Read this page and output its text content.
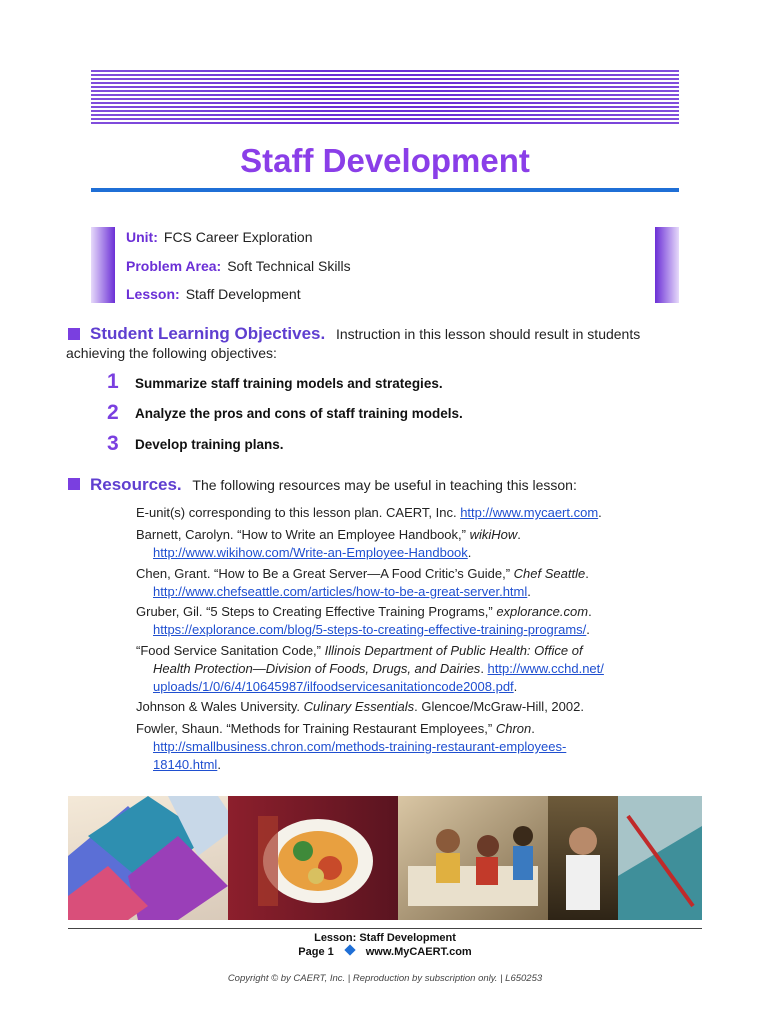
Staff Development
Unit: FCS Career Exploration
Problem Area: Soft Technical Skills
Lesson: Staff Development
Student Learning Objectives. Instruction in this lesson should result in students
achieving the following objectives:
1 Summarize staff training models and strategies.
2 Analyze the pros and cons of staff training models.
3 Develop training plans.
Resources. The following resources may be useful in teaching this lesson:
E-unit(s) corresponding to this lesson plan. CAERT, Inc. http://www.mycaert.com.
Barnett, Carolyn. “How to Write an Employee Handbook,” wikiHow.
http://www.wikihow.com/Write-an-Employee-Handbook.
Chen, Grant. “How to Be a Great Server—A Food Critic’s Guide,” Chef Seattle.
http://www.chefseattle.com/articles/how-to-be-a-great-server.html.
Gruber, Gil. “5 Steps to Creating Effective Training Programs,” explorance.com.
https://explorance.com/blog/5-steps-to-creating-effective-training-programs/.
“Food Service Sanitation Code,” Illinois Department of Public Health: Office of
Health Protection—Division of Foods, Drugs, and Dairies. http://www.cchd.net/
uploads/1/0/6/4/10645987/ilfoodservicesanitationcode2008.pdf.
Johnson & Wales University. Culinary Essentials. Glencoe/McGraw-Hill, 2002.
Fowler, Shaun. “Methods for Training Restaurant Employees,” Chron.
http://smallbusiness.chron.com/methods-training-restaurant-employees-
18140.html.
Lesson: Staff Development
Page 1	www.MyCAERT.com
Copyright © by CAERT, Inc. | Reproduction by subscription only. | L650253
